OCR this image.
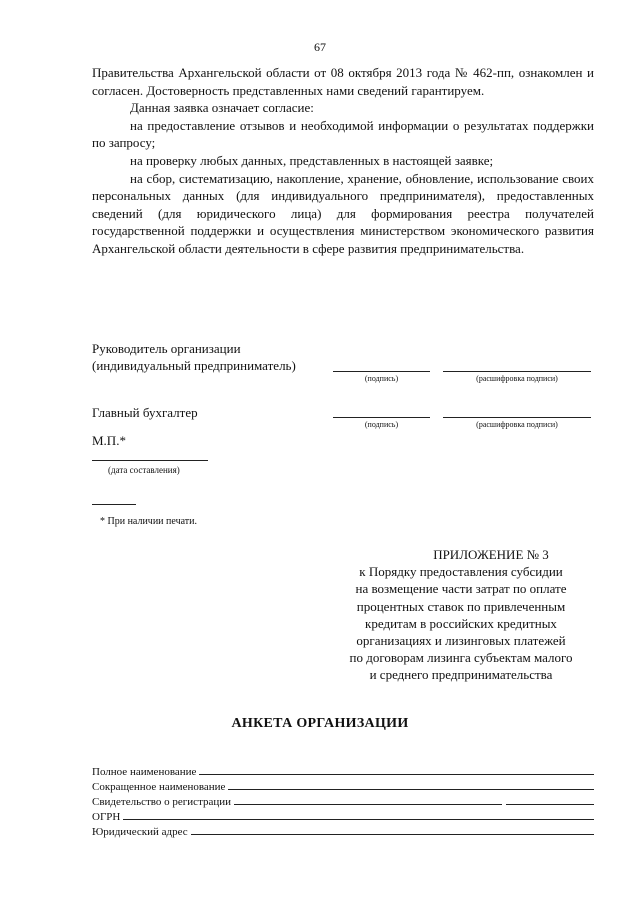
67

Правительства Архангельской области от 08 октября 2013 года № 462-пп, ознакомлен и согласен. Достоверность представленных нами сведений гарантируем.

Данная заявка означает согласие:

на предоставление отзывов и необходимой информации о результатах поддержки по запросу;

на проверку любых данных, представленных в настоящей заявке;

на сбор, систематизацию, накопление, хранение, обновление, использование своих персональных данных (для индивидуального предпринимателя), предоставленных сведений (для юридического лица) для формирования реестра получателей государственной поддержки и осуществления министерством экономического развития Архангельской области деятельности в сфере развития предпринимательства.

Руководитель организации
(индивидуальный предприниматель)
(подпись)	(расшифровка подписи)
Главный бухгалтер
(подпись)	(расшифровка подписи)
М.П.*
(дата составления)
* При наличии печати.
ПРИЛОЖЕНИЕ № 3
к Порядку предоставления субсидии
на возмещение части затрат по оплате
процентных ставок по привлеченным
кредитам в российских кредитных
организациях и лизинговых платежей
по договорам лизинга субъектам малого
и среднего предпринимательства
АНКЕТА ОРГАНИЗАЦИИ
Полное наименование
Сокращенное наименование
Свидетельство о регистрации
ОГРН
Юридический адрес
